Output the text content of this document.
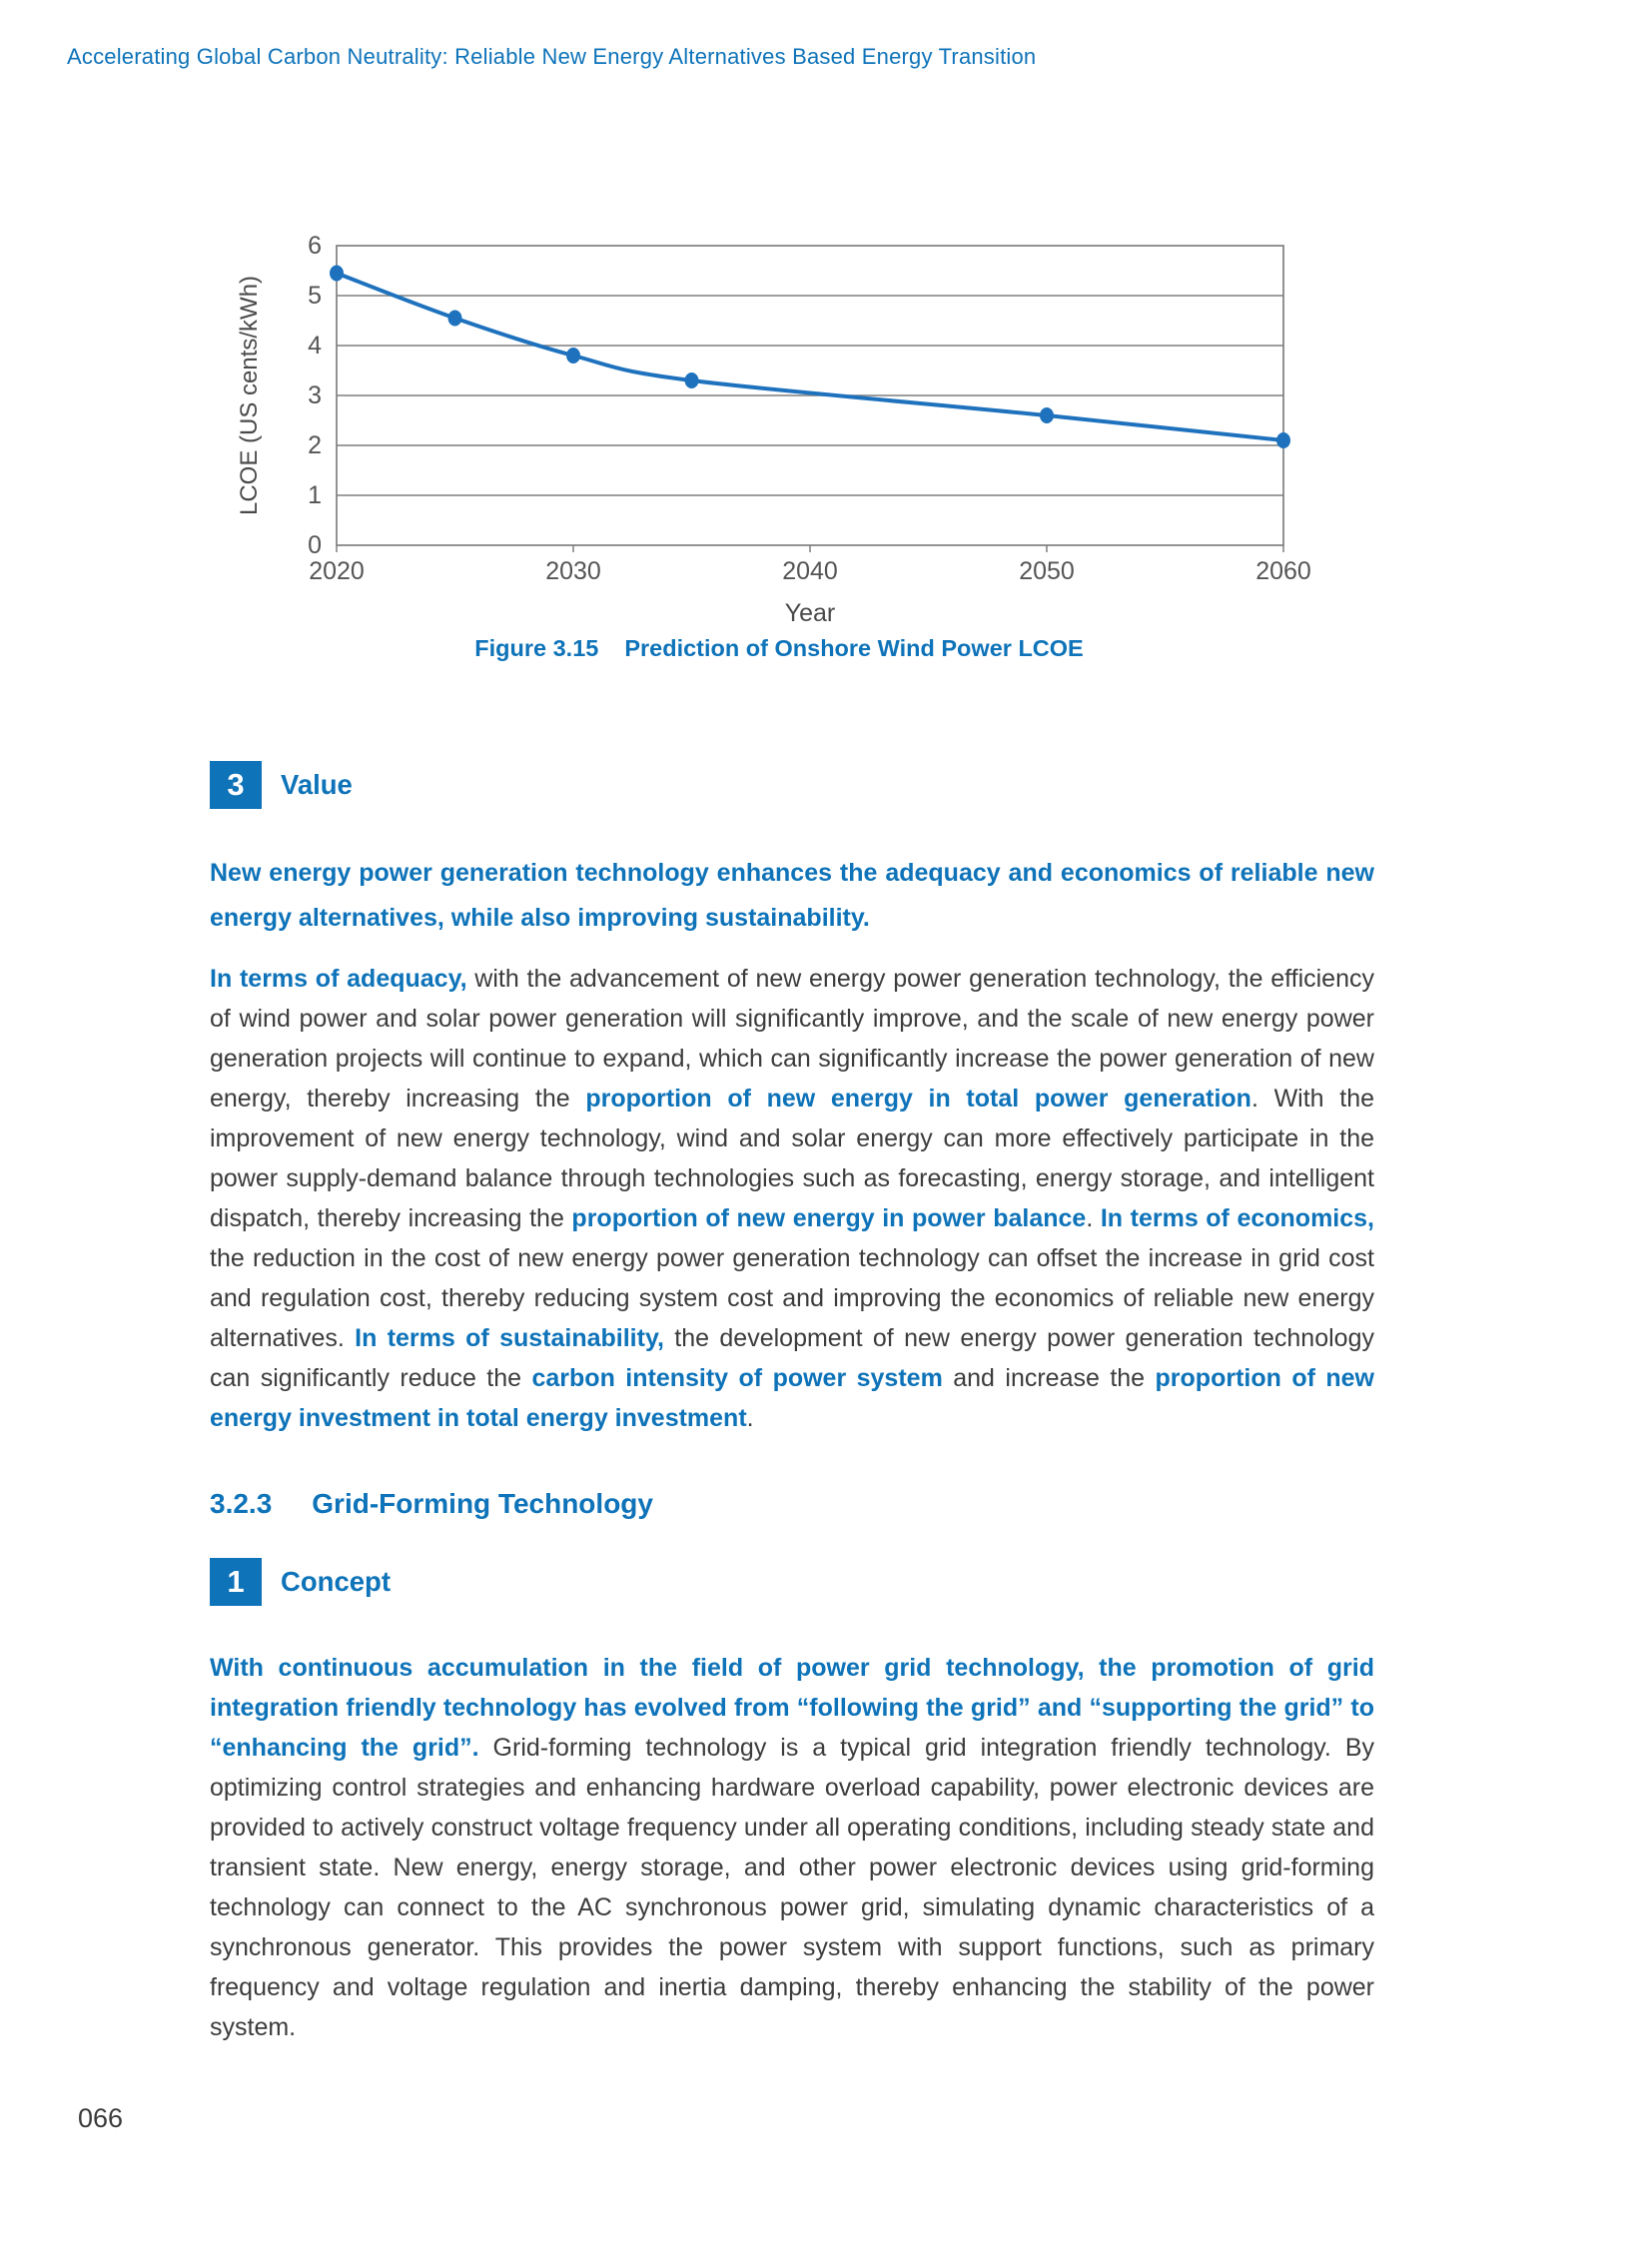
Accelerating Global Carbon Neutrality: Reliable New Energy Alternatives Based Energy Transition
0
1
2
3
4
5
6
2020	2030	2040	2050	2060
Year
LCOE (US cents/kWh)
Figure 3.15 Prediction of Onshore Wind Power LCOE
3	Value
New energy power generation technology enhances the adequacy and economics of reliable new energy alternatives, while also improving sustainability.
In terms of adequacy, with the advancement of new energy power generation technology, the efficiency of wind power and solar power generation will significantly improve, and the scale of new energy power generation projects will continue to expand, which can significantly increase the power generation of new energy, thereby increasing the proportion of new energy in total power generation. With the improvement of new energy technology, wind and solar energy can more effectively participate in the power supply-demand balance through technologies such as forecasting, energy storage, and intelligent dispatch, thereby increasing the proportion of new energy in power balance. In terms of economics, the reduction in the cost of new energy power generation technology can offset the increase in grid cost and regulation cost, thereby reducing system cost and improving the economics of reliable new energy alternatives. In terms of sustainability, the development of new energy power generation technology can significantly reduce the carbon intensity of power system and increase the proportion of new energy investment in total energy investment.
3.2.3 Grid-Forming Technology
1	Concept
With continuous accumulation in the field of power grid technology, the promotion of grid integration friendly technology has evolved from “following the grid” and “supporting the grid” to “enhancing the grid”. Grid-forming technology is a typical grid integration friendly technology. By optimizing control strategies and enhancing hardware overload capability, power electronic devices are provided to actively construct voltage frequency under all operating conditions, including steady state and transient state. New energy, energy storage, and other power electronic devices using grid-forming technology can connect to the AC synchronous power grid, simulating dynamic characteristics of a synchronous generator. This provides the power system with support functions, such as primary frequency and voltage regulation and inertia damping, thereby enhancing the stability of the power system.
066
